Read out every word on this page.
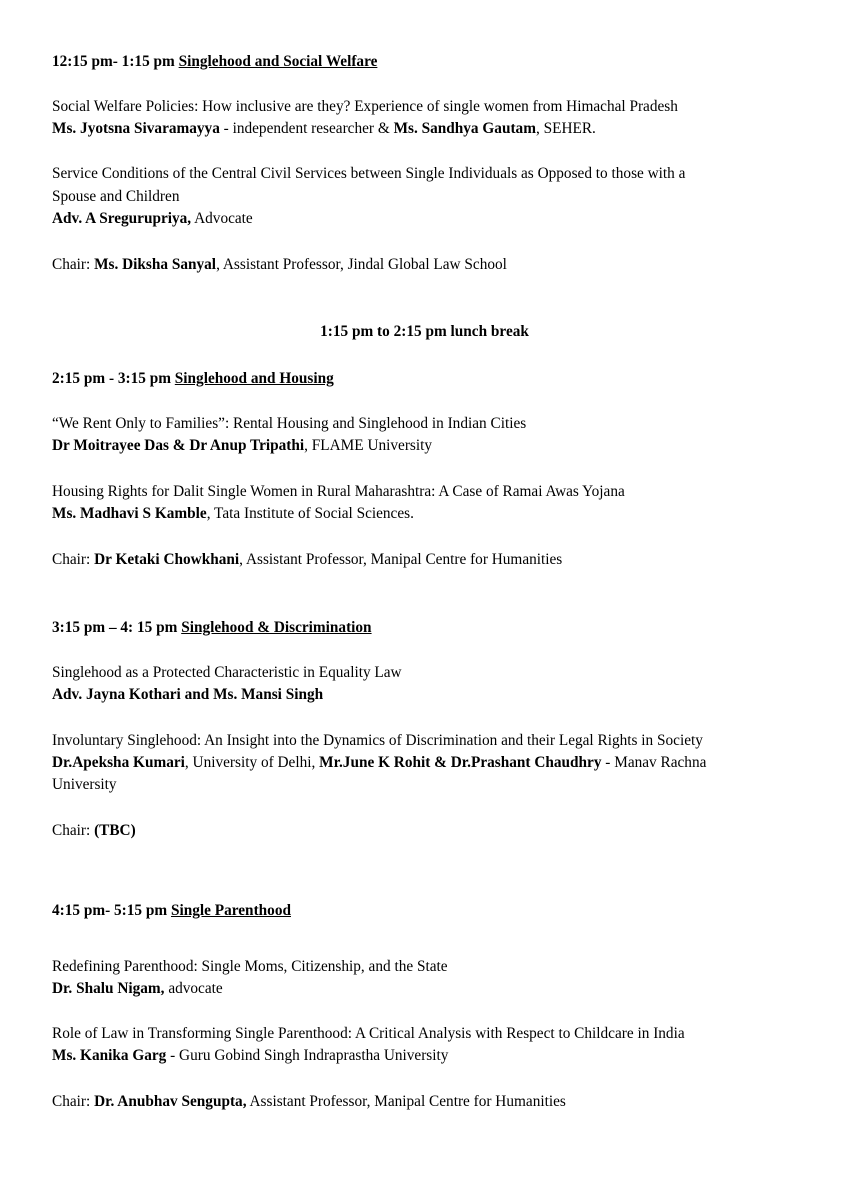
12:15 pm- 1:15 pm Singlehood and Social Welfare
Social Welfare Policies: How inclusive are they? Experience of single women from Himachal Pradesh
Ms. Jyotsna Sivaramayya - independent researcher & Ms. Sandhya Gautam, SEHER.
Service Conditions of the Central Civil Services between Single Individuals as Opposed to those with a
Spouse and Children
Adv. A Sregurupriya, Advocate
Chair: Ms. Diksha Sanyal, Assistant Professor, Jindal Global Law School
1:15 pm to 2:15 pm lunch break
2:15 pm - 3:15 pm Singlehood and Housing
“We Rent Only to Families”: Rental Housing and Singlehood in Indian Cities
Dr Moitrayee Das & Dr Anup Tripathi, FLAME University
Housing Rights for Dalit Single Women in Rural Maharashtra: A Case of Ramai Awas Yojana
Ms. Madhavi S Kamble, Tata Institute of Social Sciences.
Chair: Dr Ketaki Chowkhani, Assistant Professor, Manipal Centre for Humanities
3:15 pm – 4: 15 pm Singlehood & Discrimination
Singlehood as a Protected Characteristic in Equality Law
Adv. Jayna Kothari and Ms. Mansi Singh
Involuntary Singlehood: An Insight into the Dynamics of Discrimination and their Legal Rights in Society
Dr.Apeksha Kumari, University of Delhi, Mr.June K Rohit & Dr.Prashant Chaudhry - Manav Rachna
University
Chair: (TBC)
4:15 pm- 5:15 pm Single Parenthood
Redefining Parenthood: Single Moms, Citizenship, and the State
Dr. Shalu Nigam, advocate
Role of Law in Transforming Single Parenthood: A Critical Analysis with Respect to Childcare in India
Ms. Kanika Garg - Guru Gobind Singh Indraprastha University
Chair: Dr. Anubhav Sengupta, Assistant Professor, Manipal Centre for Humanities
